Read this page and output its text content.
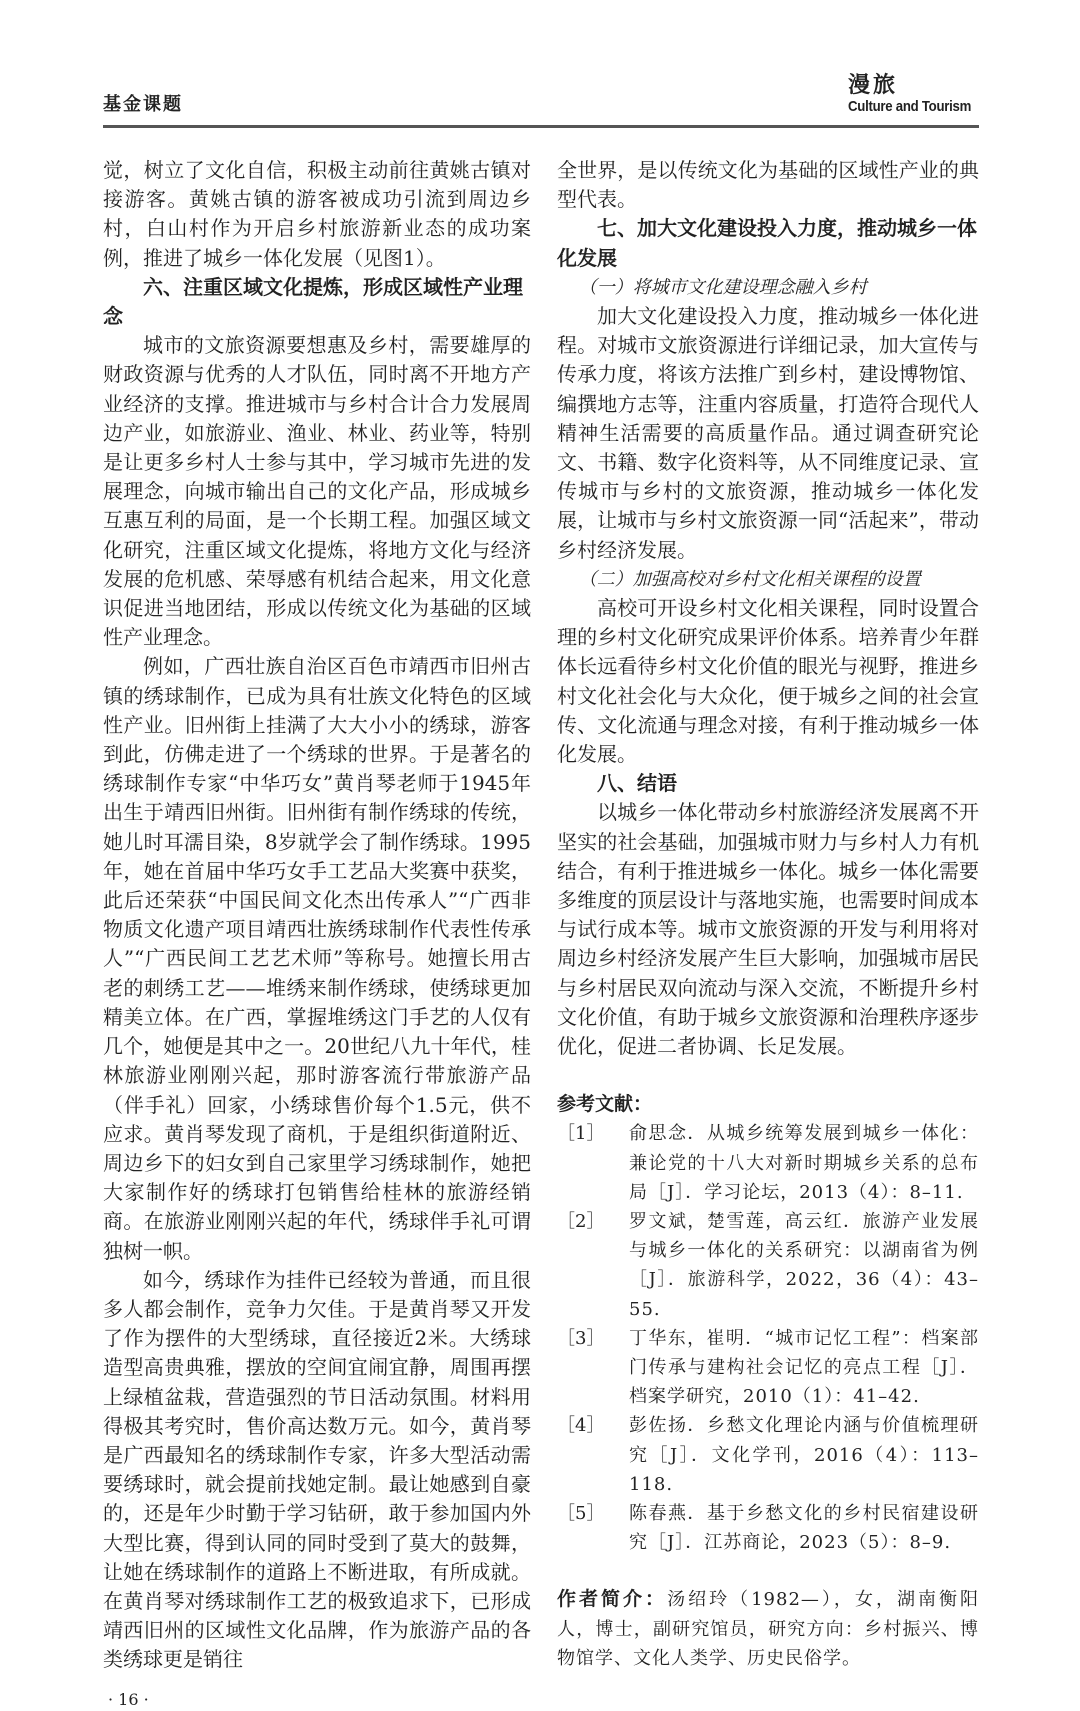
基金课题
漫旅
Culture and Tourism

觉，树立了文化自信，积极主动前往黄姚古镇对接游客。黄姚古镇的游客被成功引流到周边乡村，白山村作为开启乡村旅游新业态的成功案例，推进了城乡一体化发展（见图1）。

六、注重区域文化提炼，形成区域性产业理念

城市的文旅资源要想惠及乡村，需要雄厚的财政资源与优秀的人才队伍，同时离不开地方产业经济的支撑。推进城市与乡村合计合力发展周边产业，如旅游业、渔业、林业、药业等，特别是让更多乡村人士参与其中，学习城市先进的发展理念，向城市输出自己的文化产品，形成城乡互惠互利的局面，是一个长期工程。加强区域文化研究，注重区域文化提炼，将地方文化与经济发展的危机感、荣辱感有机结合起来，用文化意识促进当地团结，形成以传统文化为基础的区域性产业理念。

例如，广西壮族自治区百色市靖西市旧州古镇的绣球制作，已成为具有壮族文化特色的区域性产业。旧州街上挂满了大大小小的绣球，游客到此，仿佛走进了一个绣球的世界。于是著名的绣球制作专家“中华巧女”黄肖琴老师于1945年出生于靖西旧州街。旧州街有制作绣球的传统，她儿时耳濡目染，8岁就学会了制作绣球。1995年，她在首届中华巧女手工艺品大奖赛中获奖，此后还荣获“中国民间文化杰出传承人”“广西非物质文化遗产项目靖西壮族绣球制作代表性传承人”“广西民间工艺艺术师”等称号。她擅长用古老的刺绣工艺——堆绣来制作绣球，使绣球更加精美立体。在广西，掌握堆绣这门手艺的人仅有几个，她便是其中之一。20世纪八九十年代，桂林旅游业刚刚兴起，那时游客流行带旅游产品（伴手礼）回家，小绣球售价每个1.5元，供不应求。黄肖琴发现了商机，于是组织街道附近、周边乡下的妇女到自己家里学习绣球制作，她把大家制作好的绣球打包销售给桂林的旅游经销商。在旅游业刚刚兴起的年代，绣球伴手礼可谓独树一帜。

如今，绣球作为挂件已经较为普通，而且很多人都会制作，竞争力欠佳。于是黄肖琴又开发了作为摆件的大型绣球，直径接近2米。大绣球造型高贵典雅，摆放的空间宜闹宜静，周围再摆上绿植盆栽，营造强烈的节日活动氛围。材料用得极其考究时，售价高达数万元。如今，黄肖琴是广西最知名的绣球制作专家，许多大型活动需要绣球时，就会提前找她定制。最让她感到自豪的，还是年少时勤于学习钻研，敢于参加国内外大型比赛，得到认同的同时受到了莫大的鼓舞，让她在绣球制作的道路上不断进取，有所成就。在黄肖琴对绣球制作工艺的极致追求下，已形成靖西旧州的区域性文化品牌，作为旅游产品的各类绣球更是销往

· 16 ·

全世界，是以传统文化为基础的区域性产业的典型代表。

七、加大文化建设投入力度，推动城乡一体化发展
（一）将城市文化建设理念融入乡村

加大文化建设投入力度，推动城乡一体化进程。对城市文旅资源进行详细记录，加大宣传与传承力度，将该方法推广到乡村，建设博物馆、编撰地方志等，注重内容质量，打造符合现代人精神生活需要的高质量作品。通过调查研究论文、书籍、数字化资料等，从不同维度记录、宣传城市与乡村的文旅资源，推动城乡一体化发展，让城市与乡村文旅资源一同“活起来”，带动乡村经济发展。

（二）加强高校对乡村文化相关课程的设置

高校可开设乡村文化相关课程，同时设置合理的乡村文化研究成果评价体系。培养青少年群体长远看待乡村文化价值的眼光与视野，推进乡村文化社会化与大众化，便于城乡之间的社会宣传、文化流通与理念对接，有利于推动城乡一体化发展。

八、结语

以城乡一体化带动乡村旅游经济发展离不开坚实的社会基础，加强城市财力与乡村人力有机结合，有利于推进城乡一体化。城乡一体化需要多维度的顶层设计与落地实施，也需要时间成本与试行成本等。城市文旅资源的开发与利用将对周边乡村经济发展产生巨大影响，加强城市居民与乡村居民双向流动与深入交流，不断提升乡村文化价值，有助于城乡文旅资源和治理秩序逐步优化，促进二者协调、长足发展。

参考文献：
［1］	俞思念．从城乡统筹发展到城乡一体化：兼论党的十八大对新时期城乡关系的总布局［J］．学习论坛，2013（4）：8–11.
［2］	罗文斌，楚雪莲，高云红．旅游产业发展与城乡一体化的关系研究：以湖南省为例［J］．旅游科学，2022，36（4）：43–55.
［3］	丁华东，崔明．“城市记忆工程”：档案部门传承与建构社会记忆的亮点工程［J］．档案学研究，2010（1）：41–42.
［4］	彭佐扬．乡愁文化理论内涵与价值梳理研究［J］．文化学刊，2016（4）：113–118.
［5］	陈春燕．基于乡愁文化的乡村民宿建设研究［J］．江苏商论，2023（5）：8–9.
作者简介：汤绍玲（1982—），女，湖南衡阳人，博士，副研究馆员，研究方向：乡村振兴、博物馆学、文化人类学、历史民俗学。
